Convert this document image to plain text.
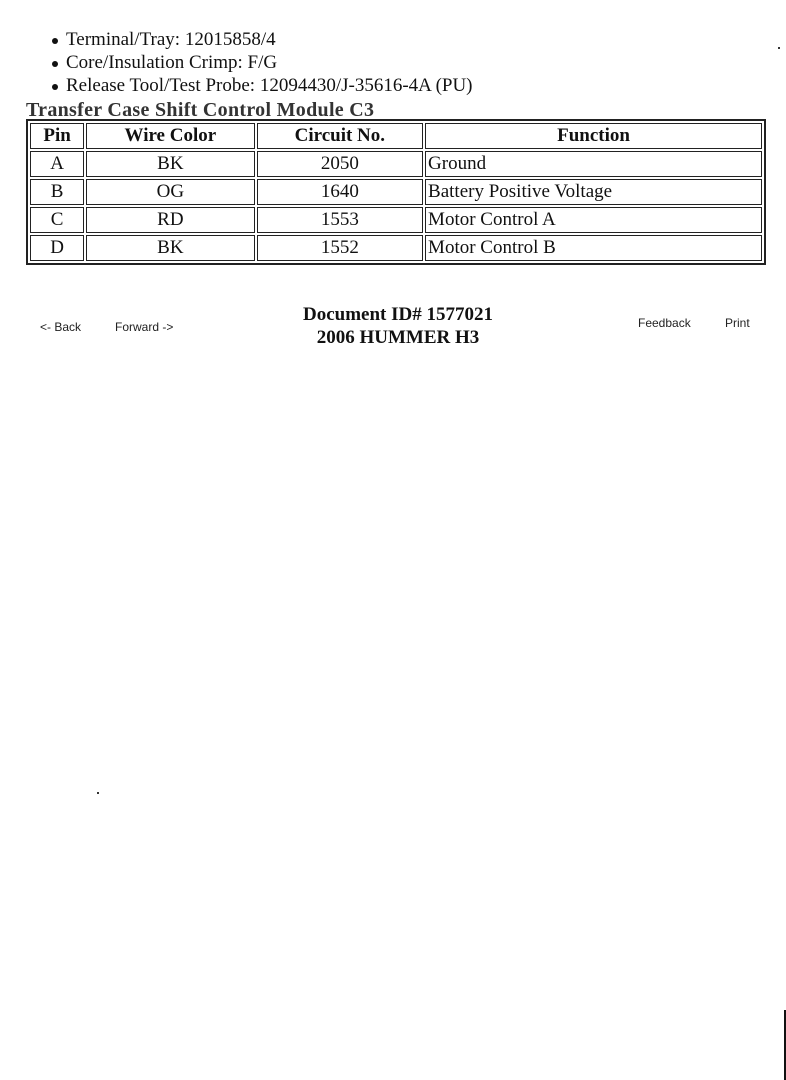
Terminal/Tray: 12015858/4
Core/Insulation Crimp: F/G
Release Tool/Test Probe: 12094430/J-35616-4A (PU)
Transfer Case Shift Control Module C3
Pin	Wire Color	Circuit No.	Function
A	BK	2050	Ground
B	OG	1640	Battery Positive Voltage
C	RD	1553	Motor Control A
D	BK	1552	Motor Control B
<- Back	Forward ->
Document ID# 1577021
2006 HUMMER H3
Feedback	Print
